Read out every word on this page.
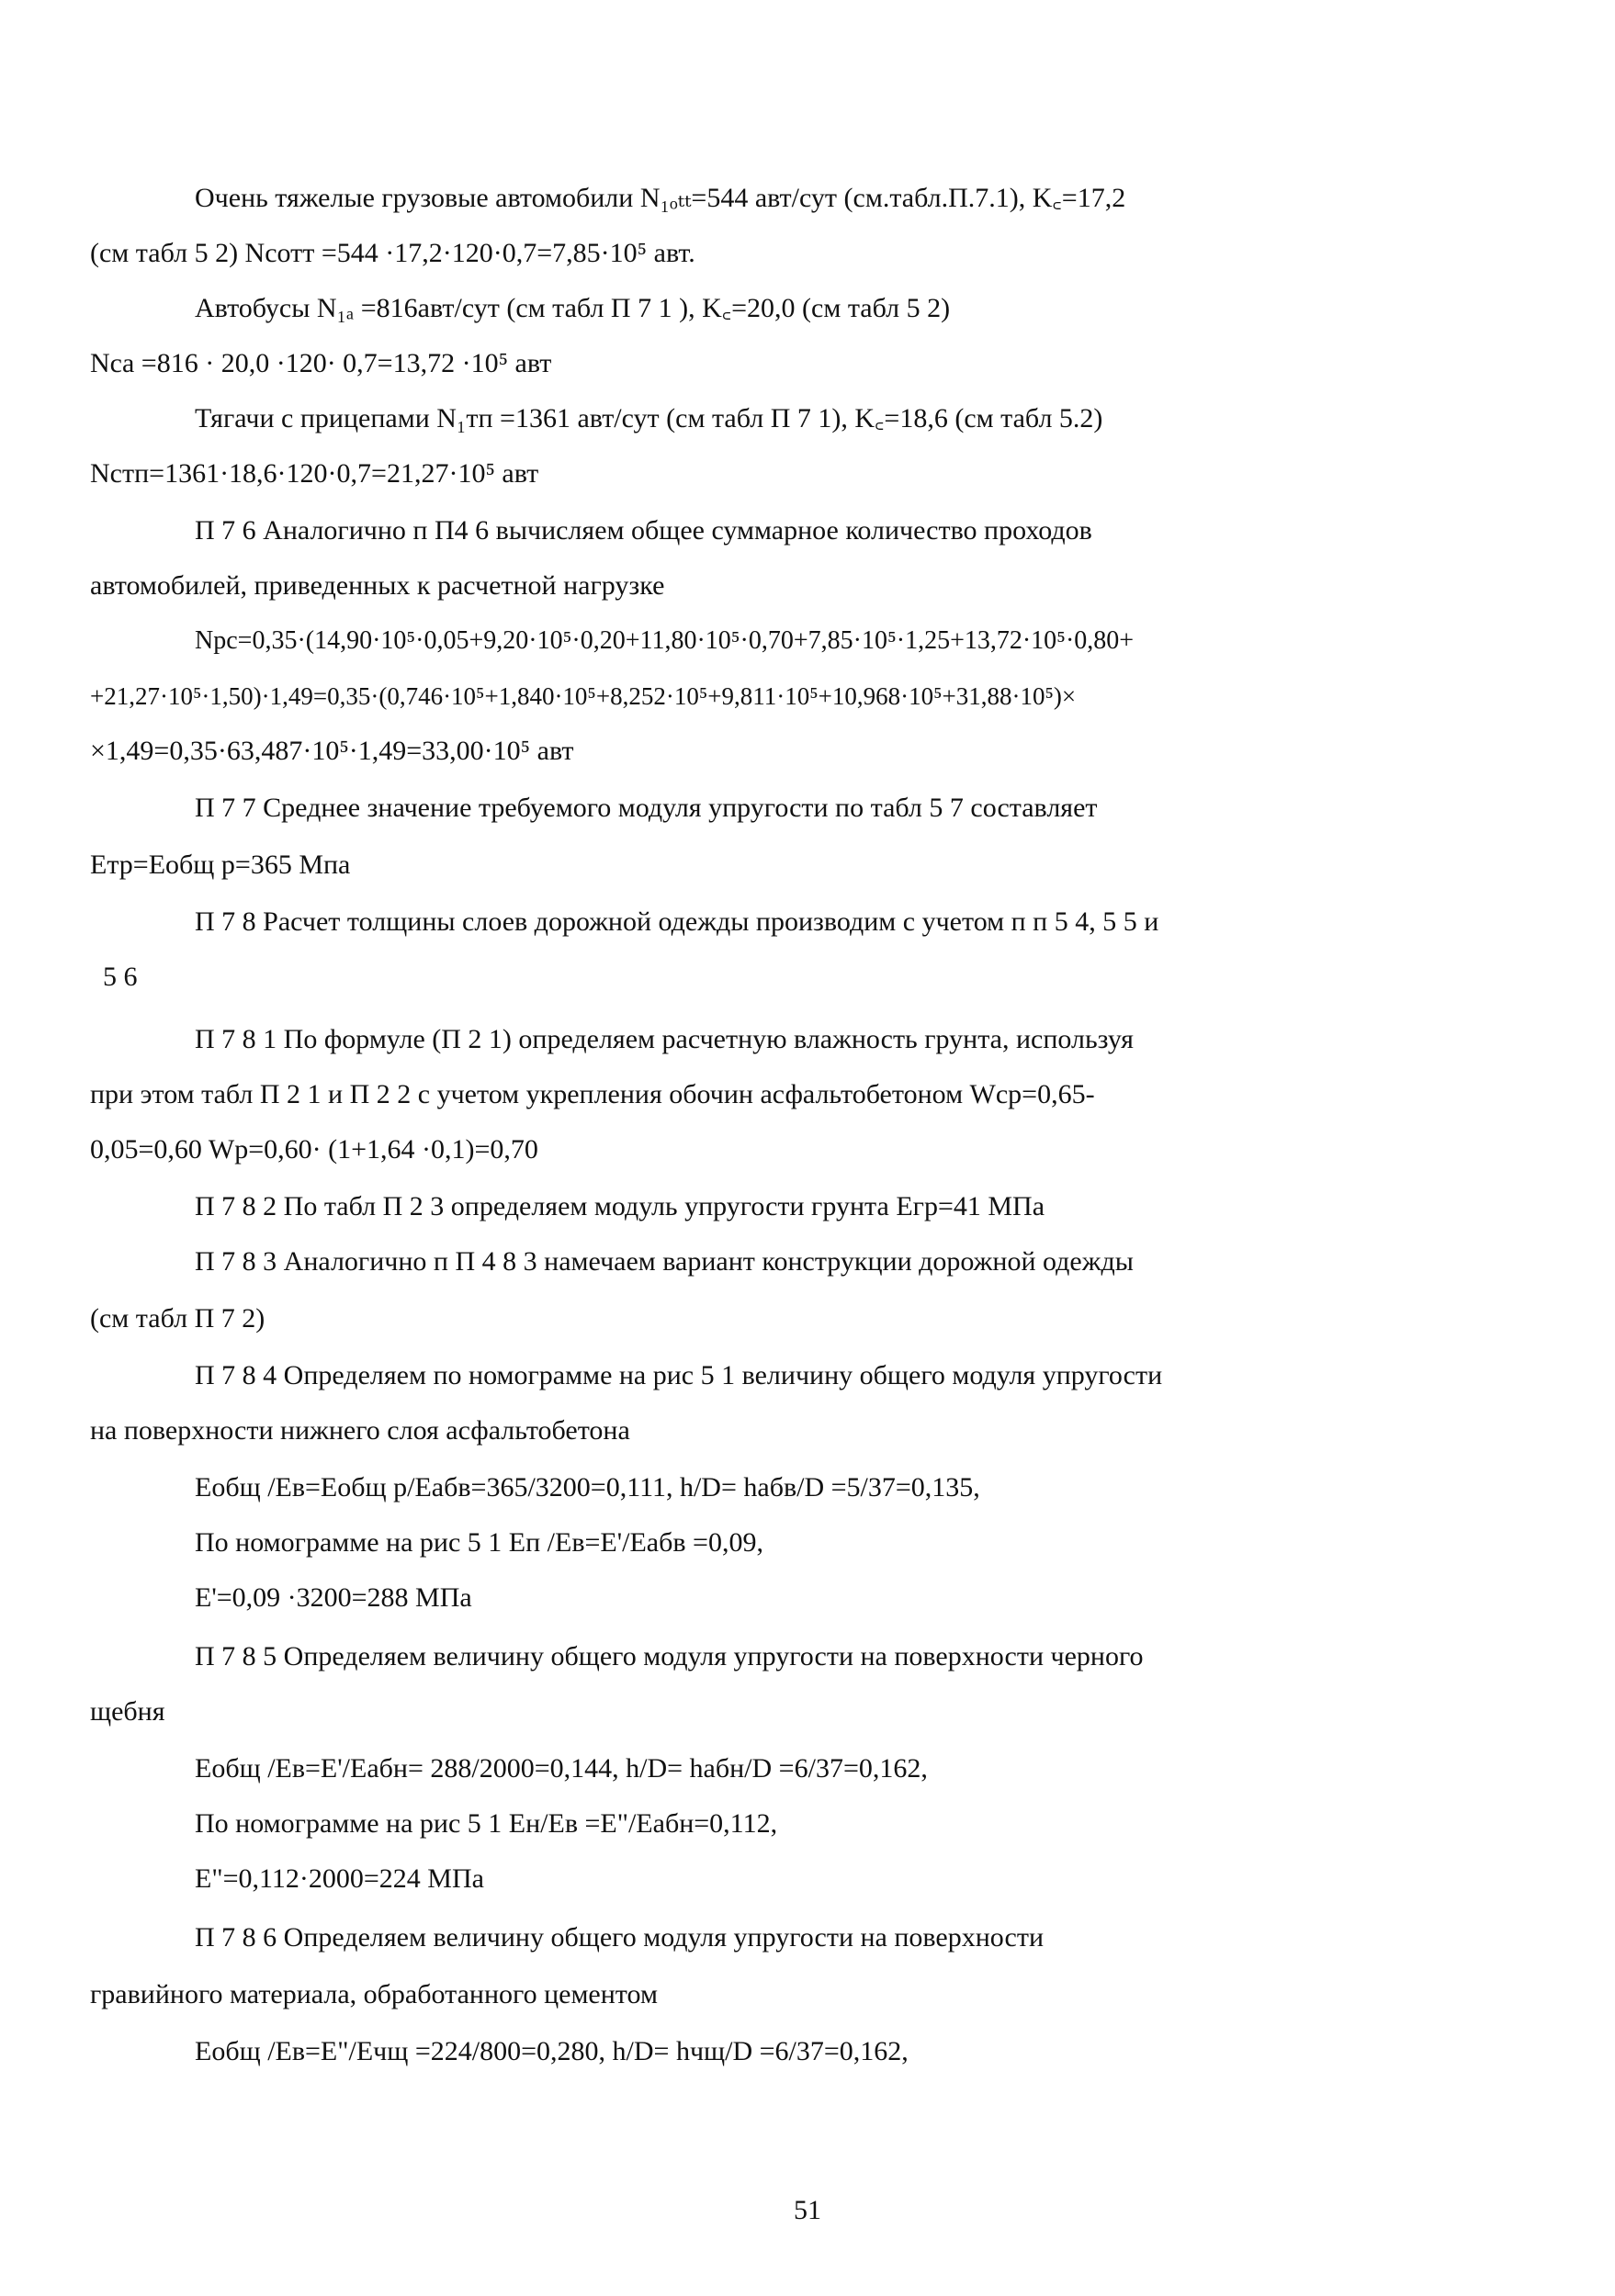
Очень тяжелые грузовые автомобили N₁ₒₜₜ=544 авт/сут (см.табл.П.7.1), K꜀=17,2
(см табл 5 2) Nсотт =544 ·17,2·120·0,7=7,85·10⁵ авт.
Автобусы N₁ₐ =816авт/сут (см табл П 7 1 ), K꜀=20,0 (см табл 5 2)
Nсa =816 · 20,0 ·120· 0,7=13,72 ·10⁵ авт
Тягачи с прицепами N₁тп =1361 авт/сут (см табл П 7 1), K꜀=18,6 (см табл 5.2)
Nстп=1361·18,6·120·0,7=21,27·10⁵ авт
П 7 6 Аналогично п П4 6 вычисляем общее суммарное количество проходов
автомобилей, приведенных к расчетной нагрузке
Nрс=0,35·(14,90·10⁵·0,05+9,20·10⁵·0,20+11,80·10⁵·0,70+7,85·10⁵·1,25+13,72·10⁵·0,80+
+21,27·10⁵·1,50)·1,49=0,35·(0,746·10⁵+1,840·10⁵+8,252·10⁵+9,811·10⁵+10,968·10⁵+31,88·10⁵)×
×1,49=0,35·63,487·10⁵·1,49=33,00·10⁵ авт
П 7 7 Среднее значение требуемого модуля упругости по табл 5 7 составляет
Eтр=Eобщ р=365 Мпа
П 7 8 Расчет толщины слоев дорожной одежды производим с учетом п п 5 4, 5 5 и
5 6
П 7 8 1 По формуле (П 2 1) определяем расчетную влажность грунта, используя
при этом табл П 2 1 и П 2 2 с учетом укрепления обочин асфальтобетоном Wср=0,65-
0,05=0,60 Wр=0,60· (1+1,64 ·0,1)=0,70
П 7 8 2 По табл П 2 3 определяем модуль упругости грунта Eгр=41 МПа
П 7 8 3 Аналогично п П 4 8 3 намечаем вариант конструкции дорожной одежды
(см табл П 7 2)
П 7 8 4 Определяем по номограмме на рис 5 1 величину общего модуля упругости
на поверхности нижнего слоя асфальтобетона
Eобщ /Eв=Eобщ р/Eабв=365/3200=0,111, h/D= hабв/D =5/37=0,135,
По номограмме на рис 5 1 Eп /Eв=E'/Eабв =0,09,
E'=0,09 ·3200=288 МПа
П 7 8 5 Определяем величину общего модуля упругости на поверхности черного
щебня
Eобщ /Eв=E'/Eабн= 288/2000=0,144, h/D= hабн/D =6/37=0,162,
По номограмме на рис 5 1 Eн/Eв =E"/Eабн=0,112,
E"=0,112·2000=224 МПа
П 7 8 6 Определяем величину общего модуля упругости на поверхности
гравийного материала, обработанного цементом
Eобщ /Eв=E"/Eчщ =224/800=0,280, h/D= hчщ/D =6/37=0,162,
51
